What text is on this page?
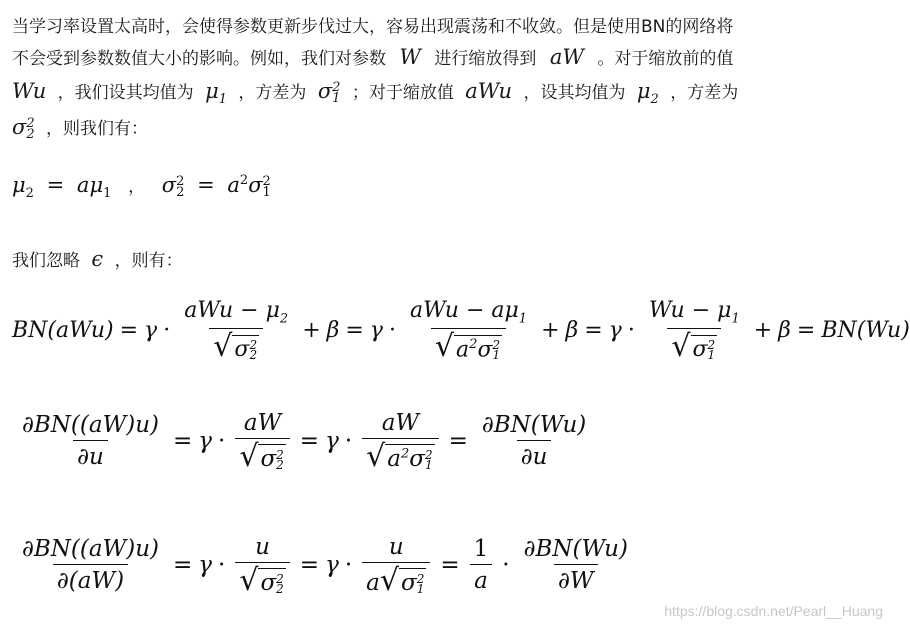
当学习率设置太高时，会使得参数更新步伐过大，容易出现震荡和不收敛。但是使用BN的网络将
不会受到参数数值大小的影响。例如，我们对参数 W 进行缩放得到 aW 。对于缩放前的值
Wu ，我们设其均值为 $\mu_1$ ，方差为 σ 2
1 ；对于缩放值 aWu ，设其均值为 $\mu_2$ ，方差为
σ 2
2 ，则我们有：
$\mu_2 = a\mu_1$ ， σ 2
$2 = a^2\sigma$ 2
1
我们忽略 ϵ ，则有：
BN(aWu) = γ · aWu − $\mu_2$
√ σ 2
2 + β = γ · aWu − $a\mu_1$
√ $a^2\sigma$ 2
$1 + \beta = \gamma \cdot Wu - \mu_1$
√ σ 2
1 + β = BN(Wu)
$\frac{\partial BN((aW)u)}{\partial u} = \gamma$ · aW
√ σ 2
2 = γ · aW
√ $a^2\sigma$ 2
$1 = \frac{\partial BN(Wu)}{\partial u}$
$\frac{\partial BN((aW)u)}{\partial(aW)} = \gamma \cdot u$
√ σ 2
2 = γ · u
a √ σ 2
$1 = \frac{1}{a} \cdot \frac{\partial BN(Wu)}{\partial W}$
https://blog.csdn.net/Pearl__Huang
